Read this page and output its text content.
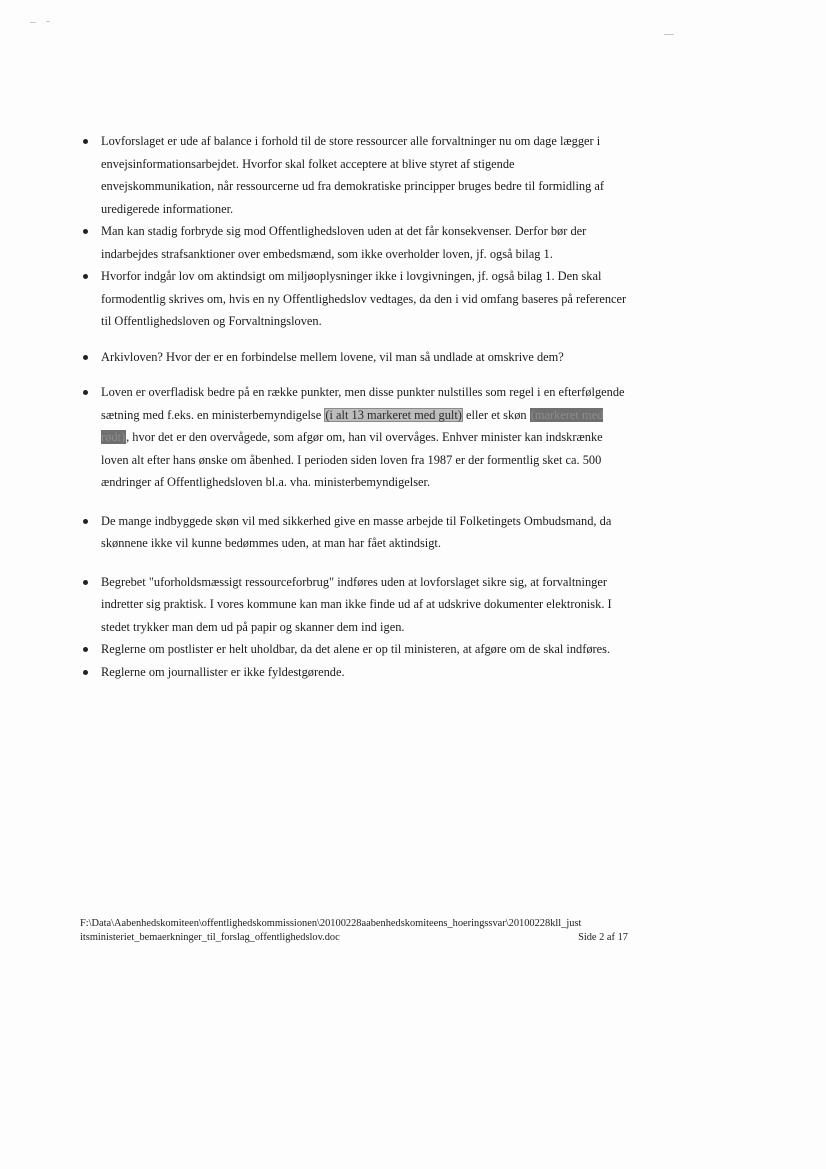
Lovforslaget er ude af balance i forhold til de store ressourcer alle forvaltninger nu om dage lægger i envejsinformationsarbejdet. Hvorfor skal folket acceptere at blive styret af stigende envejskommunikation, når ressourcerne ud fra demokratiske principper bruges bedre til formidling af uredigerede informationer.
Man kan stadig forbryde sig mod Offentlighedsloven uden at det får konsekvenser. Derfor bør der indarbejdes strafsanktioner over embedsmænd, som ikke overholder loven, jf. også bilag 1.
Hvorfor indgår lov om aktindsigt om miljøoplysninger ikke i lovgivningen, jf. også bilag 1. Den skal formodentlig skrives om, hvis en ny Offentlighedslov vedtages, da den i vid omfang baseres på referencer til Offentlighedsloven og Forvaltningsloven.
Arkivloven? Hvor der er en forbindelse mellem lovene, vil man så undlade at omskrive dem?
Loven er overfladisk bedre på en række punkter, men disse punkter nulstilles som regel i en efterfølgende sætning med f.eks. en ministerbemyndigelse (i alt 13 markeret med gult) eller et skøn (markeret med rødt), hvor det er den overvågede, som afgør om, han vil overvåges. Enhver minister kan indskrænke loven alt efter hans ønske om åbenhed. I perioden siden loven fra 1987 er der formentlig sket ca. 500 ændringer af Offentlighedsloven bl.a. vha. ministerbemyndigelser.
De mange indbyggede skøn vil med sikkerhed give en masse arbejde til Folketingets Ombudsmand, da skønnene ikke vil kunne bedømmes uden, at man har fået aktindsigt.
Begrebet "uforholdsmæssigt ressourceforbrug" indføres uden at lovforslaget sikre sig, at forvaltninger indretter sig praktisk. I vores kommune kan man ikke finde ud af at udskrive dokumenter elektronisk. I stedet trykker man dem ud på papir og skanner dem ind igen.
Reglerne om postlister er helt uholdbar, da det alene er op til ministeren, at afgøre om de skal indføres.
Reglerne om journallister er ikke fyldestgørende.
F:\Data\Aabenhedskomiteen\offentlighedskommissionen\20100228aabenhedskomiteens_hoeringssvar\20100228kll_just
itsministeriet_bemaerkninger_til_forslag_offentlighedslov.doc	Side 2 af 17
